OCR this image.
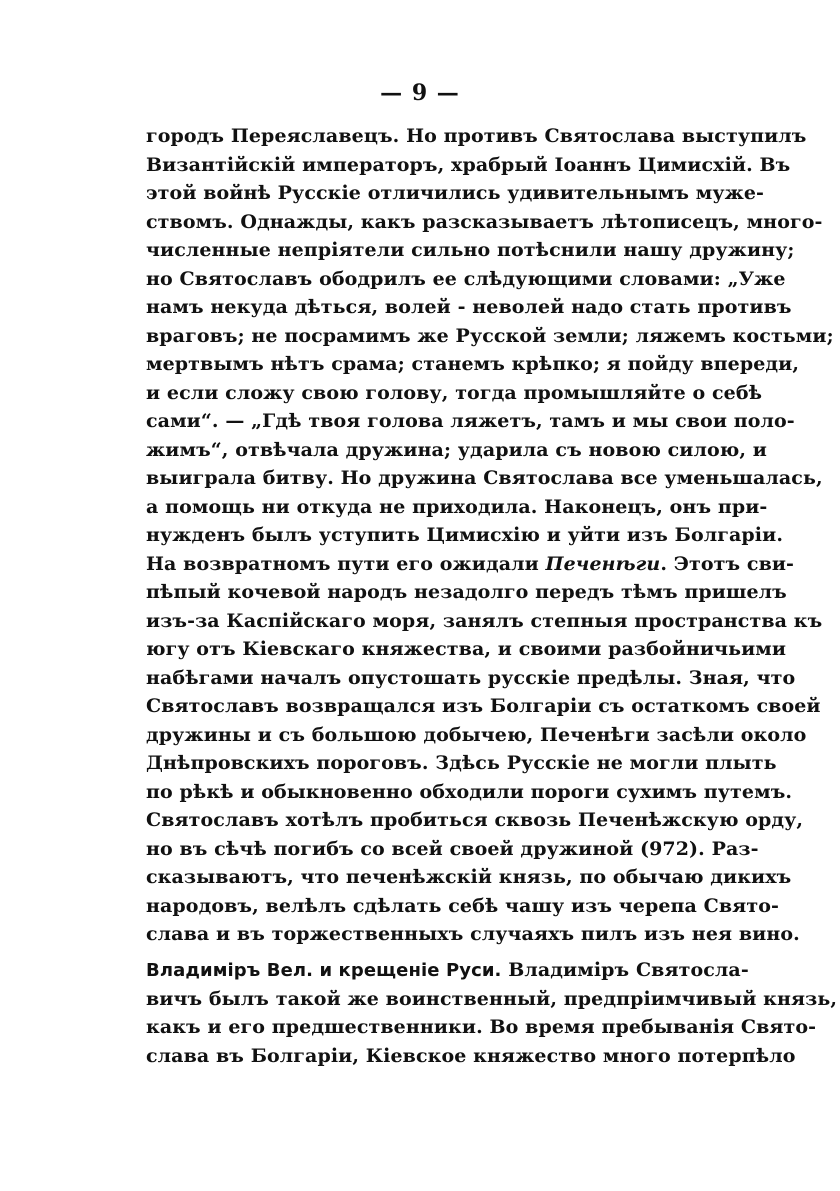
— 9 —
городъ Переяславецъ. Но противъ Святослава выступилъ
Византійскій императоръ, храбрый Іоаннъ Цимисхій. Въ
этой войнѣ Русскіе отличились удивительнымъ муже-
ствомъ. Однажды, какъ разсказываетъ лѣтописецъ, много-
численные непріятели сильно потѣснили нашу дружину;
но Святославъ ободрилъ ее слѣдующими словами: „Уже
намъ некуда дѣться, волей - неволей надо стать противъ
враговъ; не посрамимъ же Русской земли; ляжемъ костьми;
мертвымъ нѣтъ срама; станемъ крѣпко; я пойду впереди,
и если сложу свою голову, тогда промышляйте о себѣ
сами“. — „Гдѣ твоя голова ляжетъ, тамъ и мы свои поло-
жимъ“, отвѣчала дружина; ударила съ новою силою, и
выиграла битву. Но дружина Святослава все уменьшалась,
а помощь ни откуда не приходила. Наконецъ, онъ при-
нужденъ былъ уступить Цимисхію и уйти изъ Болгаріи.
На возвратномъ пути его ожидали Печенѣги. Этотъ сви-
пѣпый кочевой народъ незадолго передъ тѣмъ пришелъ
изъ-за Каспійскаго моря, занялъ степныя пространства къ
югу отъ Кіевскаго княжества, и своими разбойничьими
набѣгами началъ опустошать русскіе предѣлы. Зная, что
Святославъ возвращался изъ Болгаріи съ остаткомъ своей
дружины и съ большою добычею, Печенѣги засѣли около
Днѣпровскихъ пороговъ. Здѣсь Русскіе не могли плыть
по рѣкѣ и обыкновенно обходили пороги сухимъ путемъ.
Святославъ хотѣлъ пробиться сквозь Печенѣжскую орду,
но въ сѣчѣ погибъ со всей своей дружиной (972). Раз-
сказываютъ, что печенѣжскій князь, по обычаю дикихъ
народовъ, велѣлъ сдѣлать себѣ чашу изъ черепа Свято-
слава и въ торжественныхъ случаяхъ пилъ изъ нея вино.
Владиміръ Вел. и крещеніе Руси. Владиміръ Святосла-
вичъ былъ такой же воинственный, предпріимчивый князь,
какъ и его предшественники. Во время пребыванія Свято-
слава въ Болгаріи, Кіевское княжество много потерпѣло
